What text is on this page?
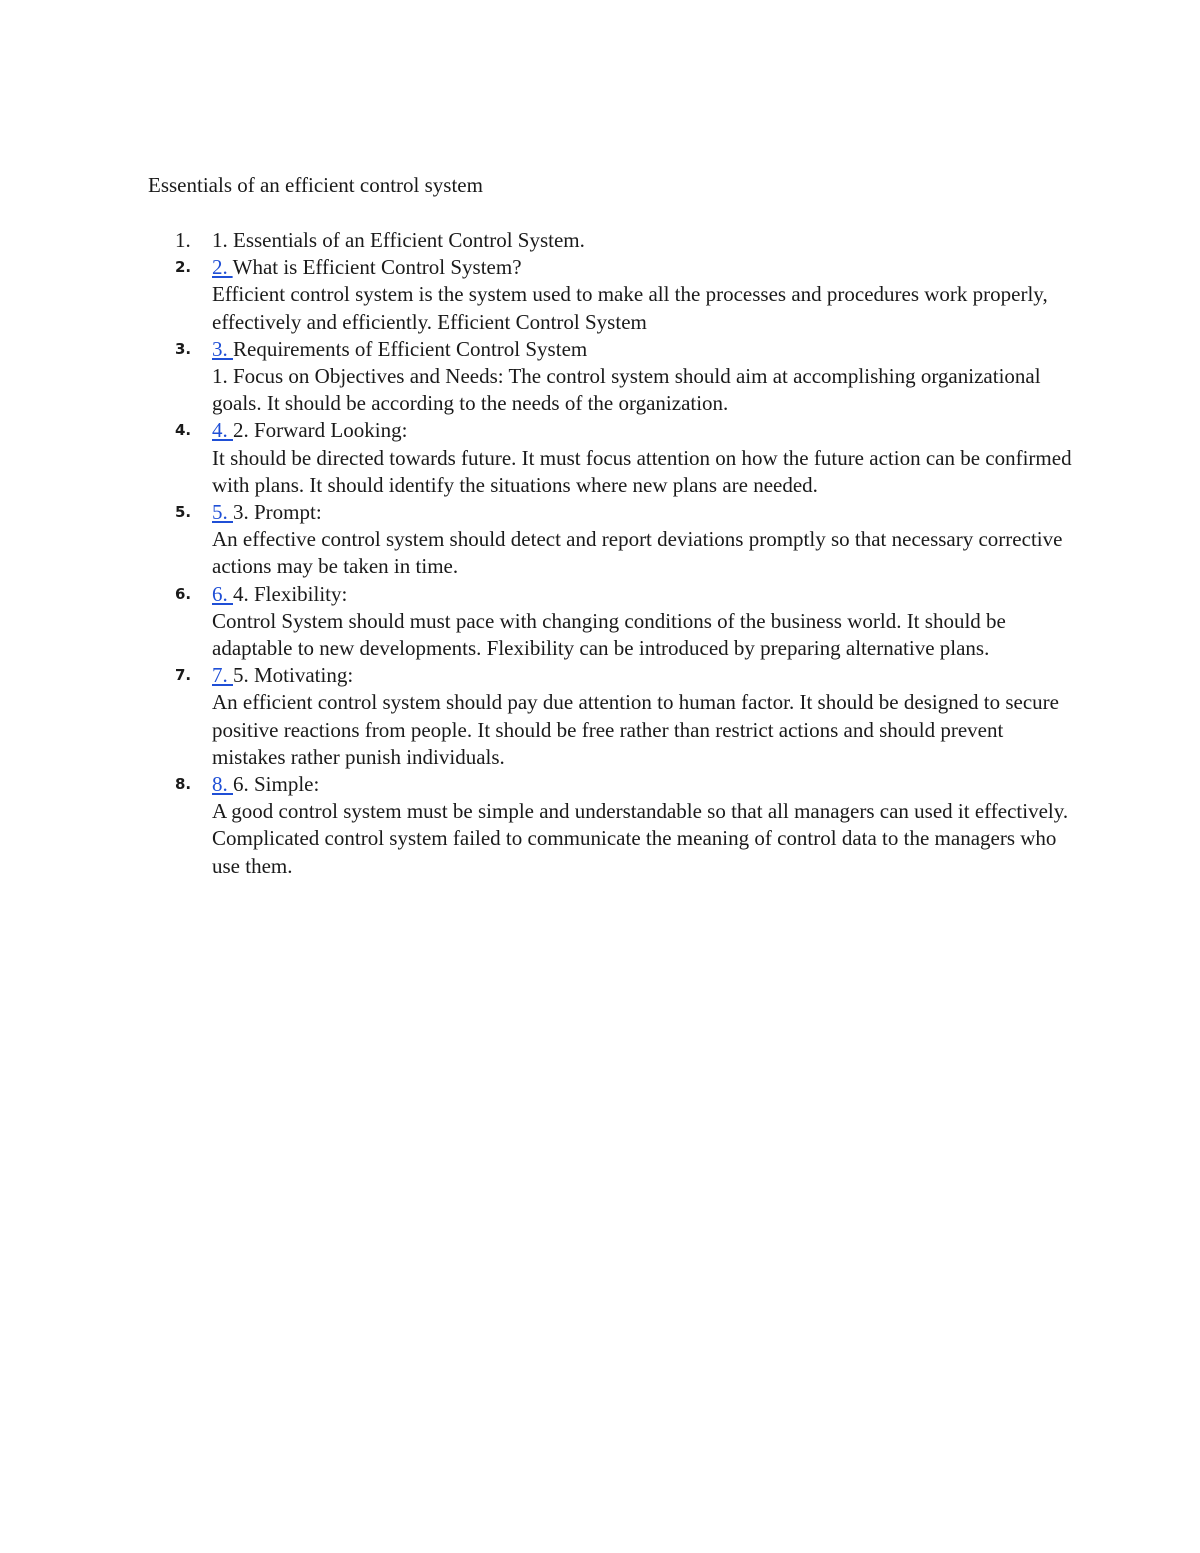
Essentials of an efficient control system
1. 1. Essentials of an Efficient Control System.
2. 2. What is Efficient Control System?
Efficient control system is the system used to make all the processes and procedures work properly, effectively and efficiently. Efficient Control System
3. 3. Requirements of Efficient Control System
1. Focus on Objectives and Needs: The control system should aim at accomplishing organizational goals. It should be according to the needs of the organization.
4. 4. 2. Forward Looking:
It should be directed towards future. It must focus attention on how the future action can be confirmed with plans. It should identify the situations where new plans are needed.
5. 5. 3. Prompt:
An effective control system should detect and report deviations promptly so that necessary corrective actions may be taken in time.
6. 6. 4. Flexibility:
Control System should must pace with changing conditions of the business world. It should be adaptable to new developments. Flexibility can be introduced by preparing alternative plans.
7. 7. 5. Motivating:
An efficient control system should pay due attention to human factor. It should be designed to secure positive reactions from people. It should be free rather than restrict actions and should prevent mistakes rather punish individuals.
8. 8. 6. Simple:
A good control system must be simple and understandable so that all managers can used it effectively. Complicated control system failed to communicate the meaning of control data to the managers who use them.
